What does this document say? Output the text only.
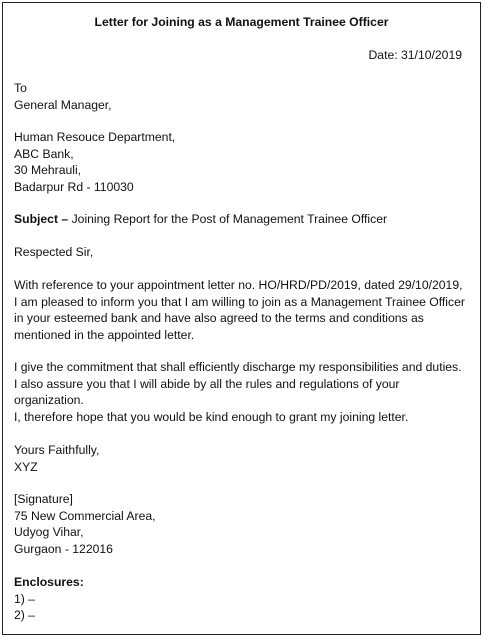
Letter for Joining as a Management Trainee Officer
Date: 31/10/2019
To
General Manager,
Human Resouce Department,
ABC Bank,
30 Mehrauli,
Badarpur Rd - 110030
Subject – Joining Report for the Post of Management Trainee Officer
Respected Sir,

With reference to your appointment letter no. HO/HRD/PD/2019, dated 29/10/2019, I am pleased to inform you that I am willing to join as a Management Trainee Officer in your esteemed bank and have also agreed to the terms and conditions as mentioned in the appointed letter.

I give the commitment that shall efficiently discharge my responsibilities and duties. I also assure you that I will abide by all the rules and regulations of your organization.

I, therefore hope that you would be kind enough to grant my joining letter.

Yours Faithfully,
XYZ
[Signature]
75 New Commercial Area,
Udyog Vihar,
Gurgaon - 122016
Enclosures:
1) –
2) –
